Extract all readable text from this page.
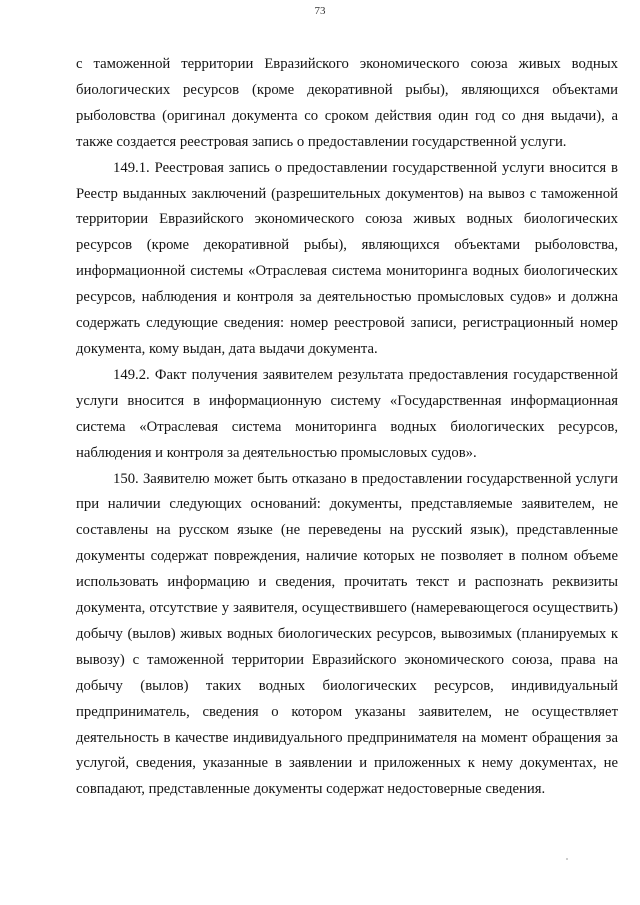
73

с таможенной территории Евразийского экономического союза живых водных биологических ресурсов (кроме декоративной рыбы), являющихся объектами рыболовства (оригинал документа со сроком действия один год со дня выдачи), а также создается реестровая запись о предоставлении государственной услуги.

149.1. Реестровая запись о предоставлении государственной услуги вносится в Реестр выданных заключений (разрешительных документов) на вывоз с таможенной территории Евразийского экономического союза живых водных биологических ресурсов (кроме декоративной рыбы), являющихся объектами рыболовства, информационной системы «Отраслевая система мониторинга водных биологических ресурсов, наблюдения и контроля за деятельностью промысловых судов» и должна содержать следующие сведения: номер реестровой записи, регистрационный номер документа, кому выдан, дата выдачи документа.

149.2. Факт получения заявителем результата предоставления государственной услуги вносится в информационную систему «Государственная информационная система «Отраслевая система мониторинга водных биологических ресурсов, наблюдения и контроля за деятельностью промысловых судов».

150. Заявителю может быть отказано в предоставлении государственной услуги при наличии следующих оснований: документы, представляемые заявителем, не составлены на русском языке (не переведены на русский язык), представленные документы содержат повреждения, наличие которых не позволяет в полном объеме использовать информацию и сведения, прочитать текст и распознать реквизиты документа, отсутствие у заявителя, осуществившего (намеревающегося осуществить) добычу (вылов) живых водных биологических ресурсов, вывозимых (планируемых к вывозу) с таможенной территории Евразийского экономического союза, права на добычу (вылов) таких водных биологических ресурсов, индивидуальный предприниматель, сведения о котором указаны заявителем, не осуществляет деятельность в качестве индивидуального предпринимателя на момент обращения за услугой, сведения, указанные в заявлении и приложенных к нему документах, не совпадают, представленные документы содержат недостоверные сведения.
